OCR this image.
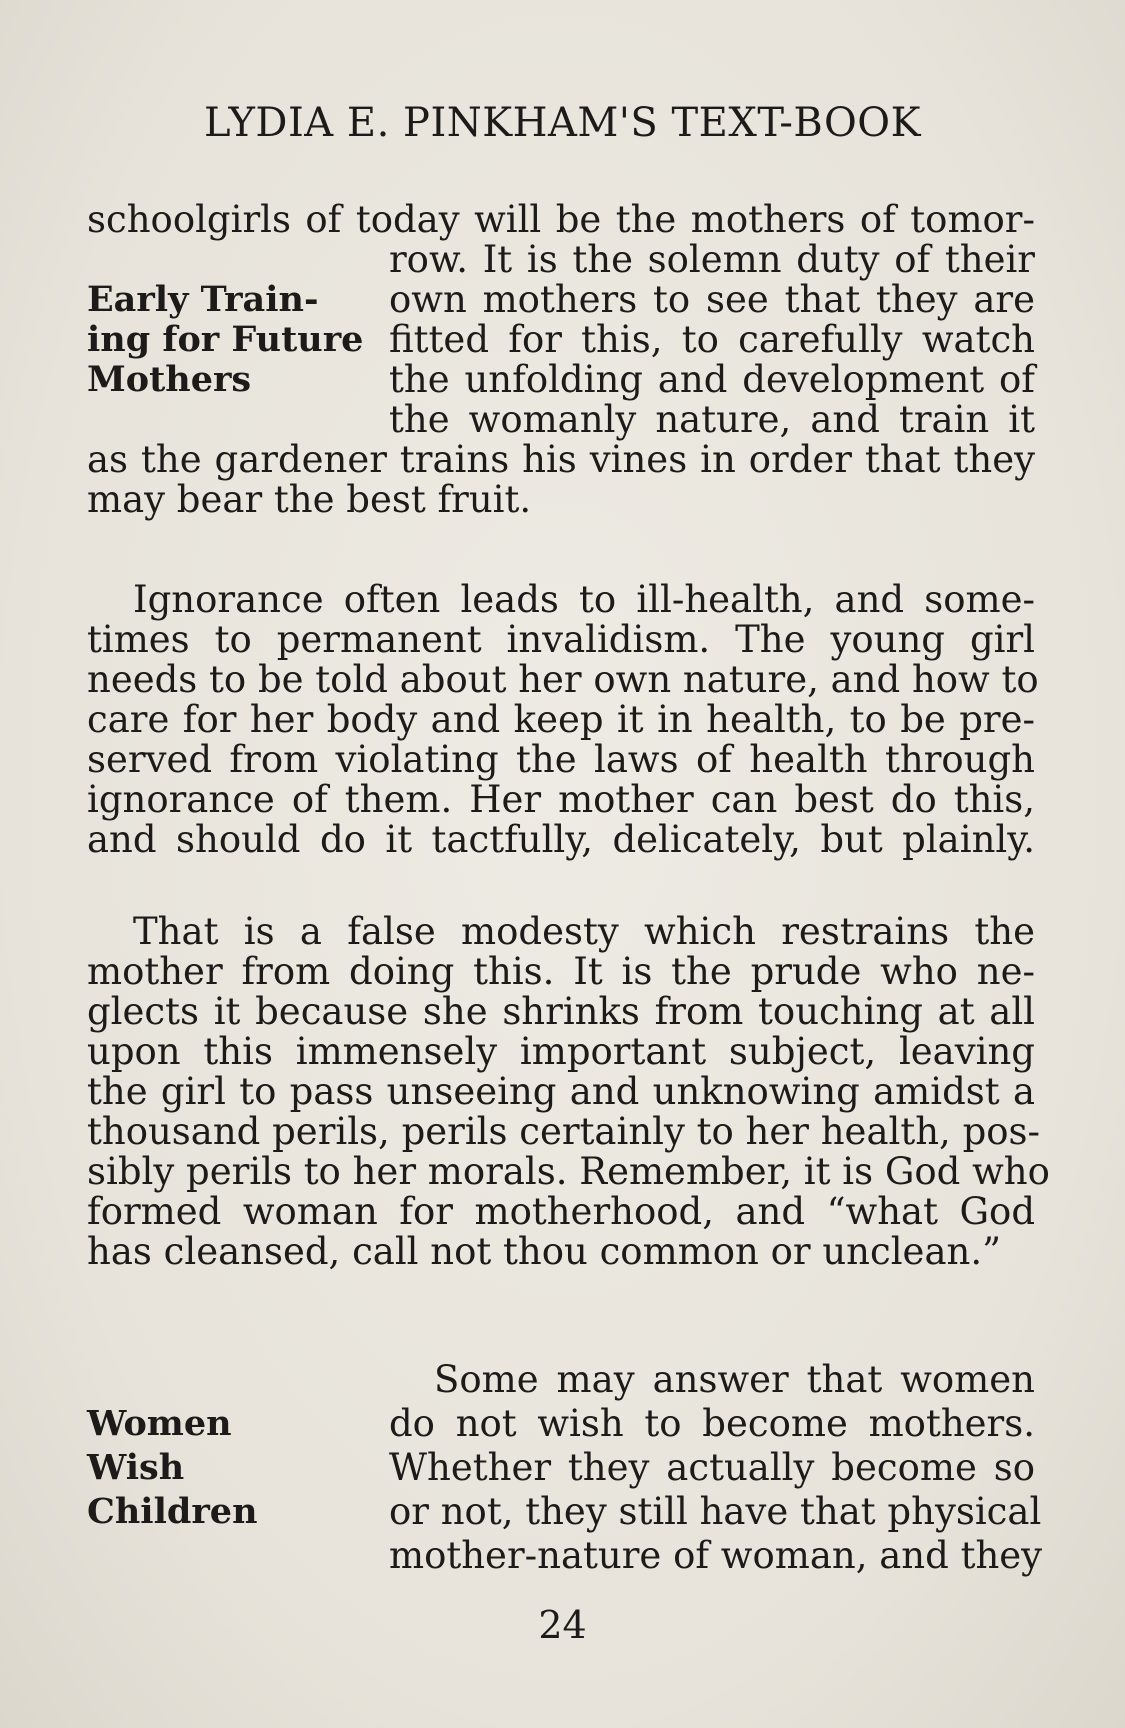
LYDIA E. PINKHAM'S TEXT-BOOK
schoolgirls of today will be the mothers of tomor-
row. It is the solemn duty of their
own mothers to see that they are
fitted for this, to carefully watch
the unfolding and development of
the womanly nature, and train it
as the gardener trains his vines in order that they
may bear the best fruit.
Early Train-
ing for Future
Mothers
Ignorance often leads to ill-health, and some-
times to permanent invalidism. The young girl
needs to be told about her own nature, and how to
care for her body and keep it in health, to be pre-
served from violating the laws of health through
ignorance of them. Her mother can best do this,
and should do it tactfully, delicately, but plainly.
That is a false modesty which restrains the
mother from doing this. It is the prude who ne-
glects it because she shrinks from touching at all
upon this immensely important subject, leaving
the girl to pass unseeing and unknowing amidst a
thousand perils, perils certainly to her health, pos-
sibly perils to her morals. Remember, it is God who
formed woman for motherhood, and “what God
has cleansed, call not thou common or unclean.”
Some may answer that women
do not wish to become mothers.
Whether they actually become so
or not, they still have that physical
mother-nature of woman, and they
Women
Wish
Children
24
